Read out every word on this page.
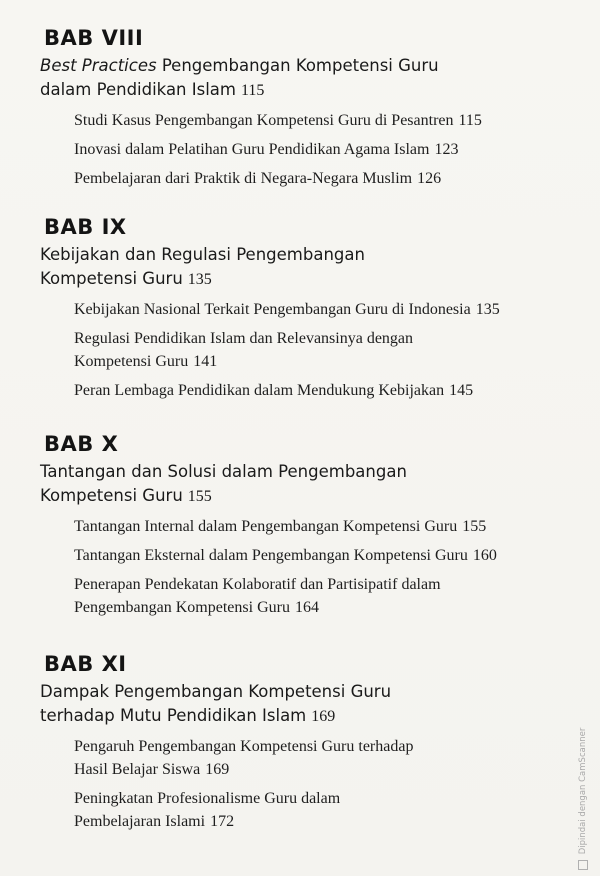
BAB VIII
Best Practices Pengembangan Kompetensi Guru
dalam Pendidikan Islam 115
Studi Kasus Pengembangan Kompetensi Guru di Pesantren 115
Inovasi dalam Pelatihan Guru Pendidikan Agama Islam 123
Pembelajaran dari Praktik di Negara-Negara Muslim 126
BAB IX
Kebijakan dan Regulasi Pengembangan
Kompetensi Guru 135
Kebijakan Nasional Terkait Pengembangan Guru di Indonesia 135
Regulasi Pendidikan Islam dan Relevansinya dengan
Kompetensi Guru 141
Peran Lembaga Pendidikan dalam Mendukung Kebijakan 145
BAB X
Tantangan dan Solusi dalam Pengembangan
Kompetensi Guru 155
Tantangan Internal dalam Pengembangan Kompetensi Guru 155
Tantangan Eksternal dalam Pengembangan Kompetensi Guru 160
Penerapan Pendekatan Kolaboratif dan Partisipatif dalam
Pengembangan Kompetensi Guru 164
BAB XI
Dampak Pengembangan Kompetensi Guru
terhadap Mutu Pendidikan Islam 169
Pengaruh Pengembangan Kompetensi Guru terhadap
Hasil Belajar Siswa 169
Peningkatan Profesionalisme Guru dalam
Pembelajaran Islami 172	Dipindai dengan CamScanner
